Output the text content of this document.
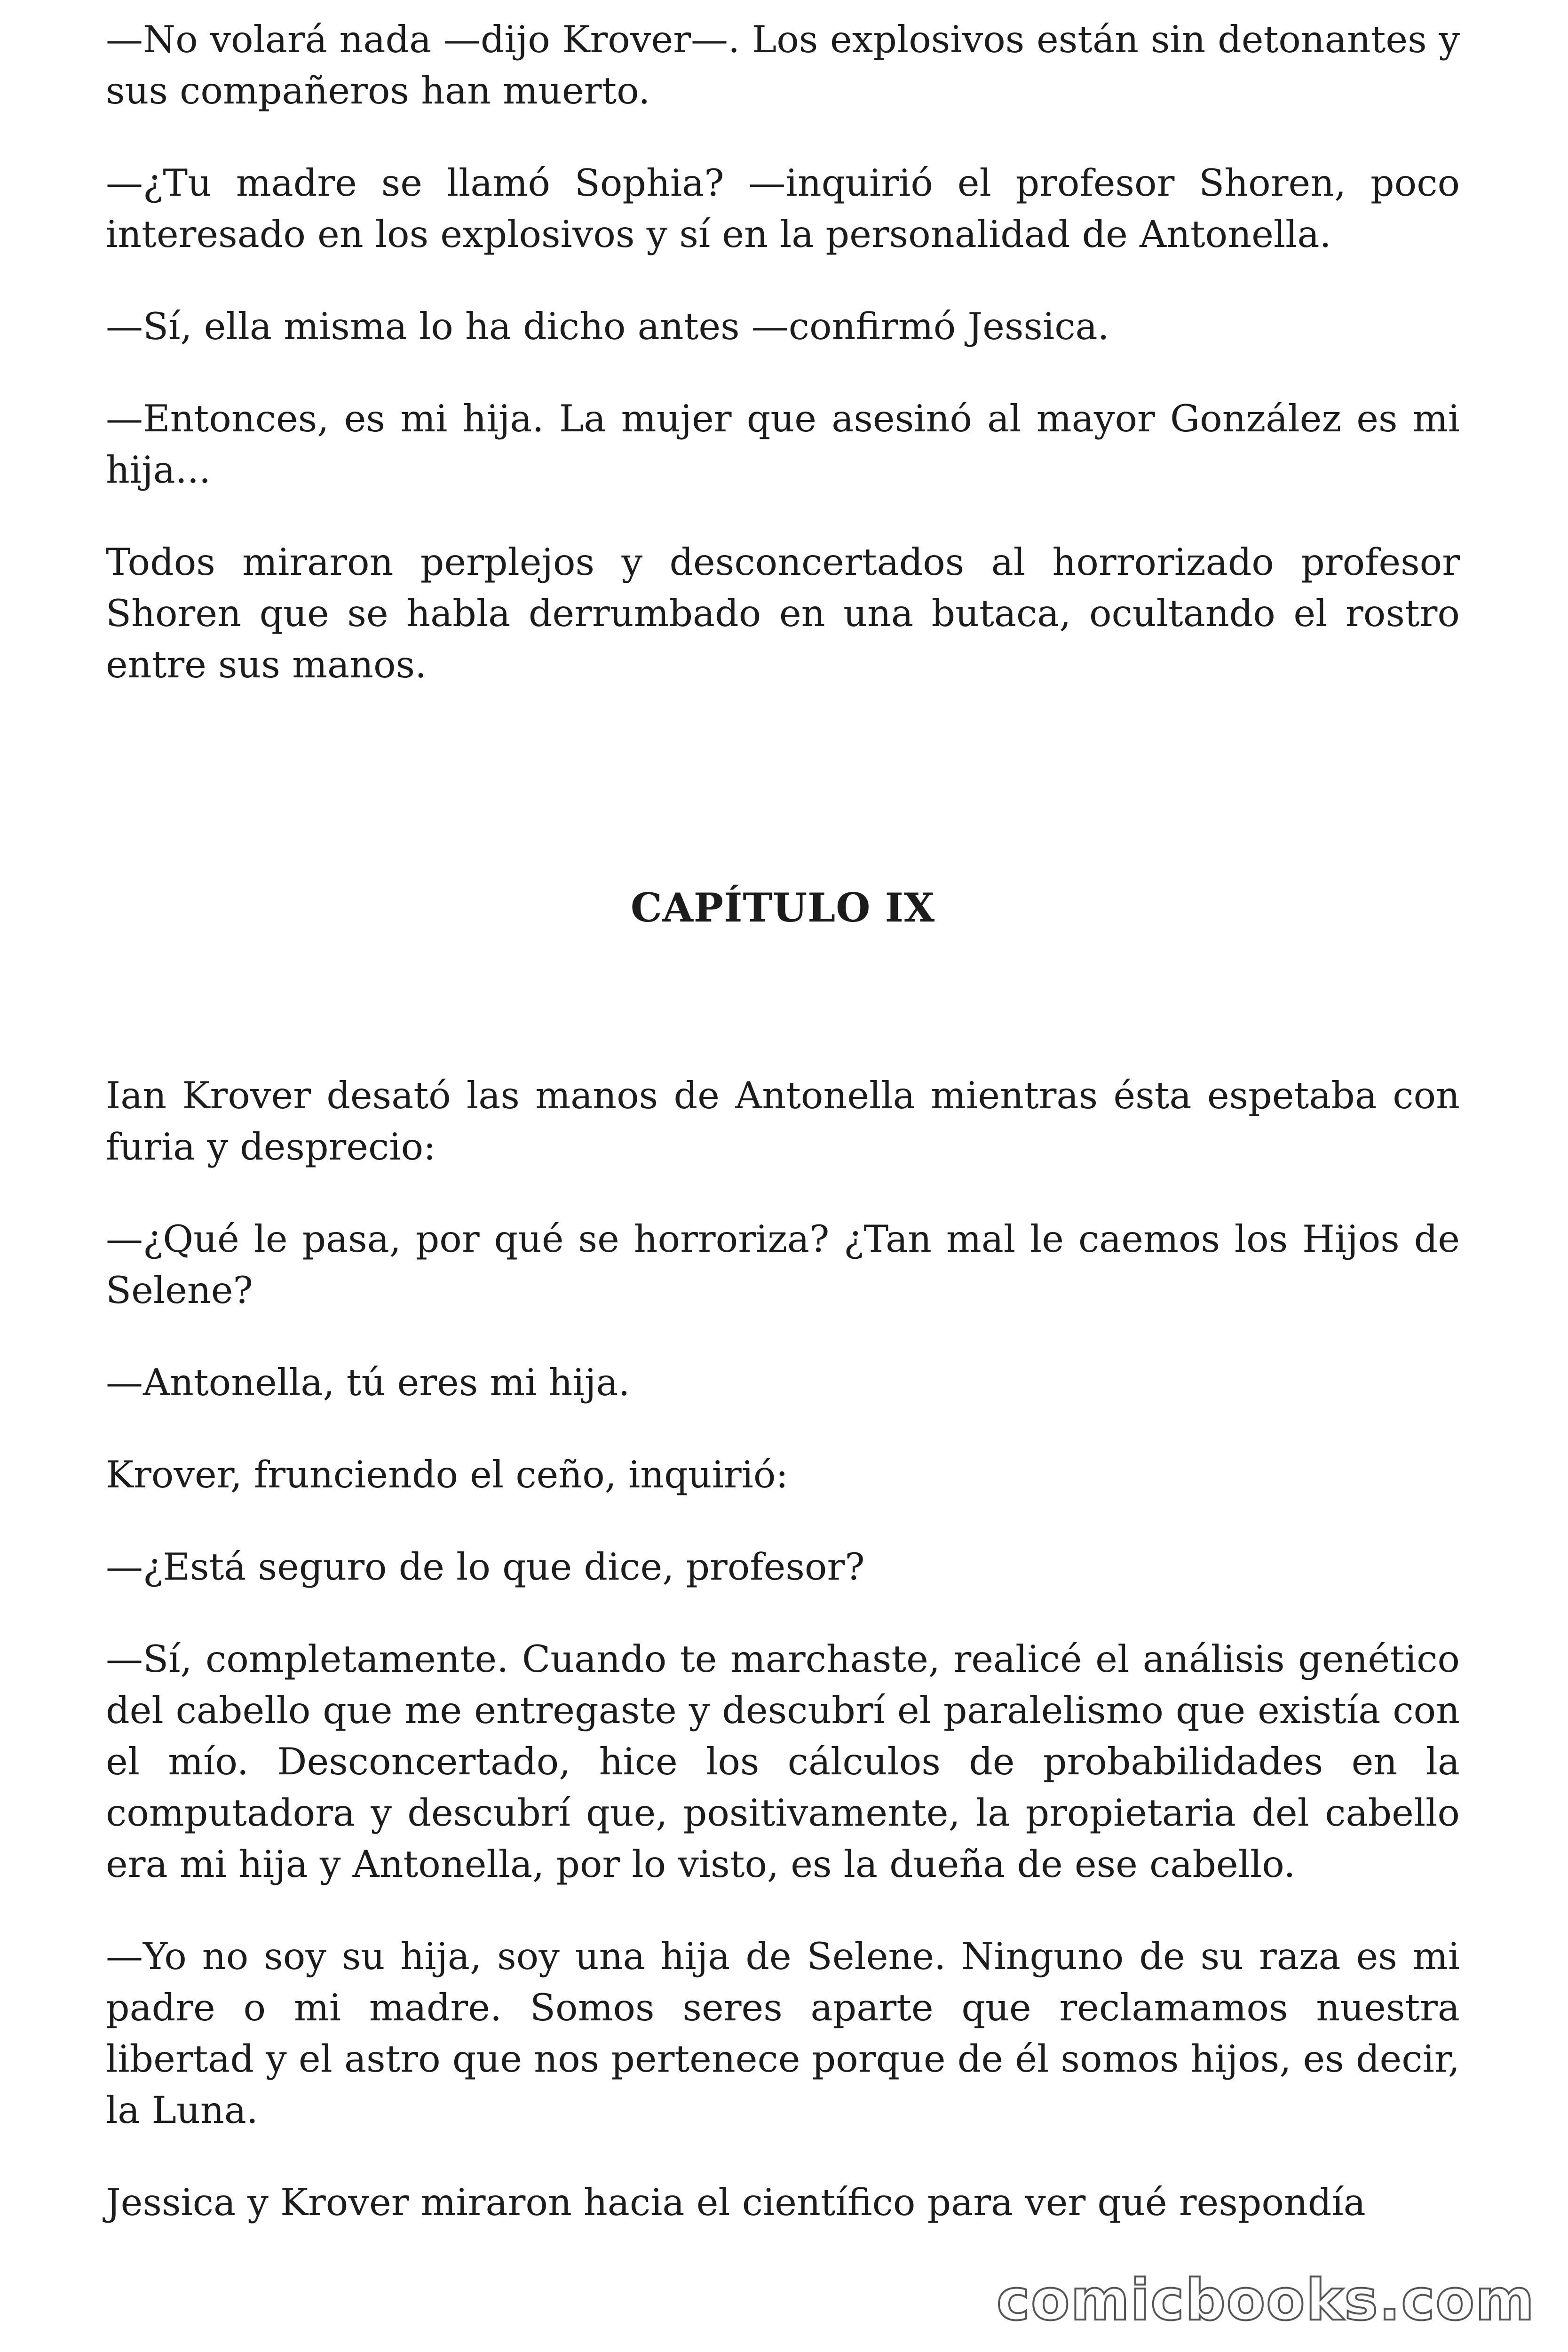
—No volará nada —dijo Krover—. Los explosivos están sin detonantes y sus compañeros han muerto.

—¿Tu madre se llamó Sophia? —inquirió el profesor Shoren, poco interesado en los explosivos y sí en la personalidad de Antonella.

—Sí, ella misma lo ha dicho antes —confirmó Jessica.

—Entonces, es mi hija. La mujer que asesinó al mayor González es mi hija...

Todos miraron perplejos y desconcertados al horrorizado profesor Shoren que se habla derrumbado en una butaca, ocultando el rostro entre sus manos.

CAPÍTULO IX

Ian Krover desató las manos de Antonella mientras ésta espetaba con furia y desprecio:

—¿Qué le pasa, por qué se horroriza? ¿Tan mal le caemos los Hijos de Selene?

—Antonella, tú eres mi hija.

Krover, frunciendo el ceño, inquirió:

—¿Está seguro de lo que dice, profesor?

—Sí, completamente. Cuando te marchaste, realicé el análisis genético del cabello que me entregaste y descubrí el paralelismo que existía con el mío. Desconcertado, hice los cálculos de probabilidades en la computadora y descubrí que, positivamente, la propietaria del cabello era mi hija y Antonella, por lo visto, es la dueña de ese cabello.

—Yo no soy su hija, soy una hija de Selene. Ninguno de su raza es mi padre o mi madre. Somos seres aparte que reclamamos nuestra libertad y el astro que nos pertenece porque de él somos hijos, es decir, la Luna.

Jessica y Krover miraron hacia el científico para ver qué respondía

comicbooks.com
